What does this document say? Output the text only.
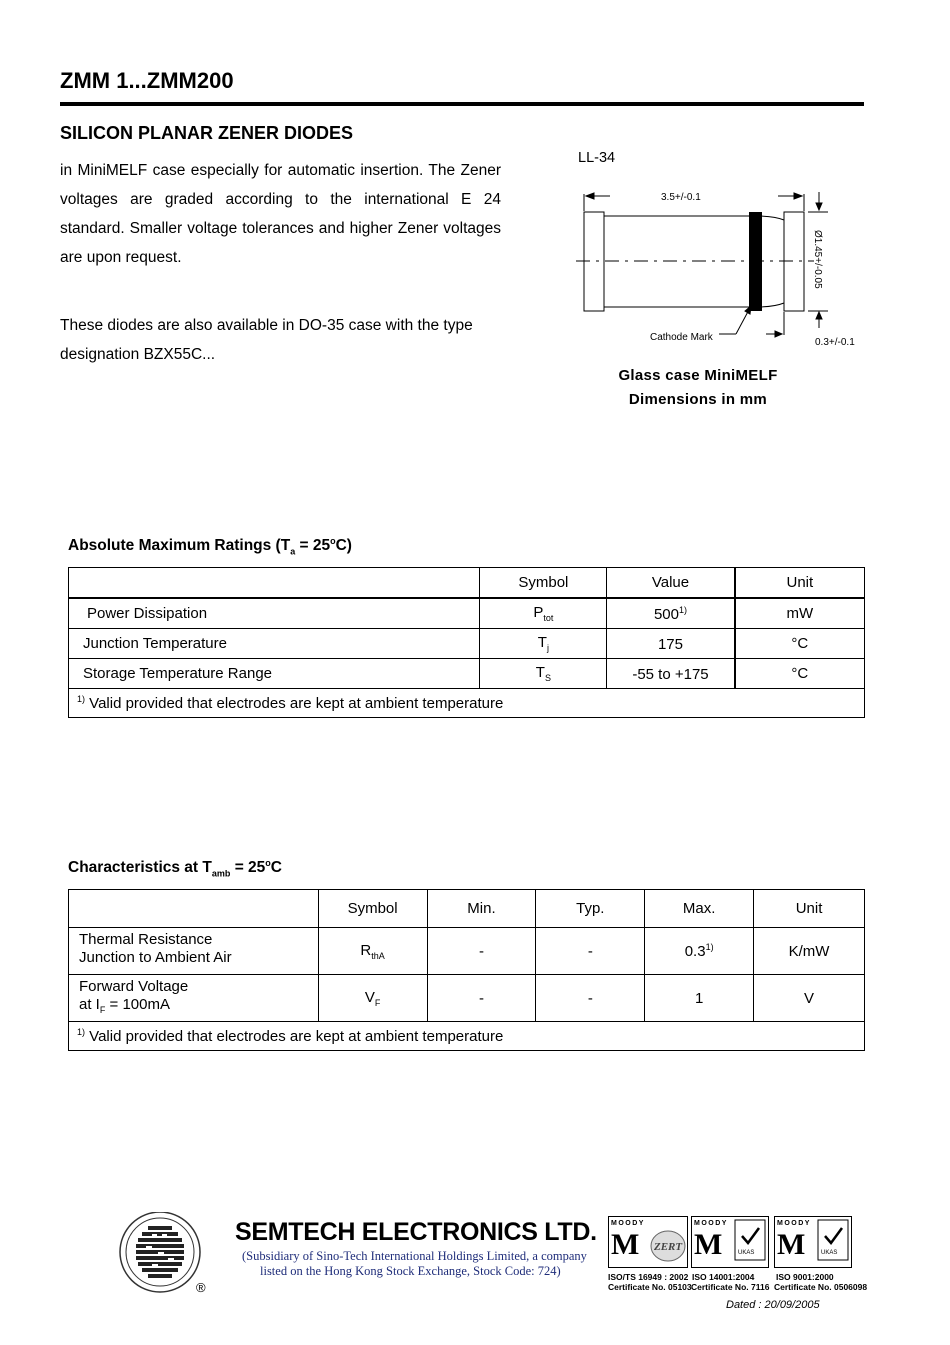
ZMM 1...ZMM200
SILICON PLANAR ZENER DIODES
in MiniMELF case especially for automatic insertion. The Zener voltages are graded according to the international E 24 standard. Smaller voltage tolerances and higher Zener voltages are upon request.
These diodes are also available in DO-35 case with the type designation BZX55C...
LL-34
3.5+/-0.1
Ø1.45+/-0.05
0.3+/-0.1
Cathode Mark
Glass case MiniMELF
Dimensions in mm
Absolute Maximum Ratings $(T_a = 25^oC)$
	Symbol	Value	Unit
Power Dissipation	$P_{tot}$	500$^{1)}$	mW
Junction Temperature	$T_j$	175	°C
Storage Temperature Range	$T_S$	-55 to +175	°C
$^{1)}$ Valid provided that electrodes are kept at ambient temperature			
Characteristics at $T_{amb} = 25^oC$
	Symbol	Min.	Typ.	Max.	Unit

Thermal Resistance
Junction to Ambient Air	$R_{thA}$	-	-	0.3$^{1)}$	K/mW

Forward Voltage
at $I_F = 100mA$	$V_F$	-	-	1	V
$^{1)}$ Valid provided that electrodes are kept at ambient temperature					
®
SEMTECH ELECTRONICS LTD.
(Subsidiary of Sino-Tech International Holdings Limited, a company
listed on the Hong Kong Stock Exchange, Stock Code: 724)
MOODY
M ZERT
MOODY
M	UKAS
MOODY
M	UKAS
ISO/TS 16949 : 2002
Certificate No. 05103
ISO 14001:2004
Certificate No. 7116
ISO 9001:2000
Certificate No. 0506098
Dated : 20/09/2005
